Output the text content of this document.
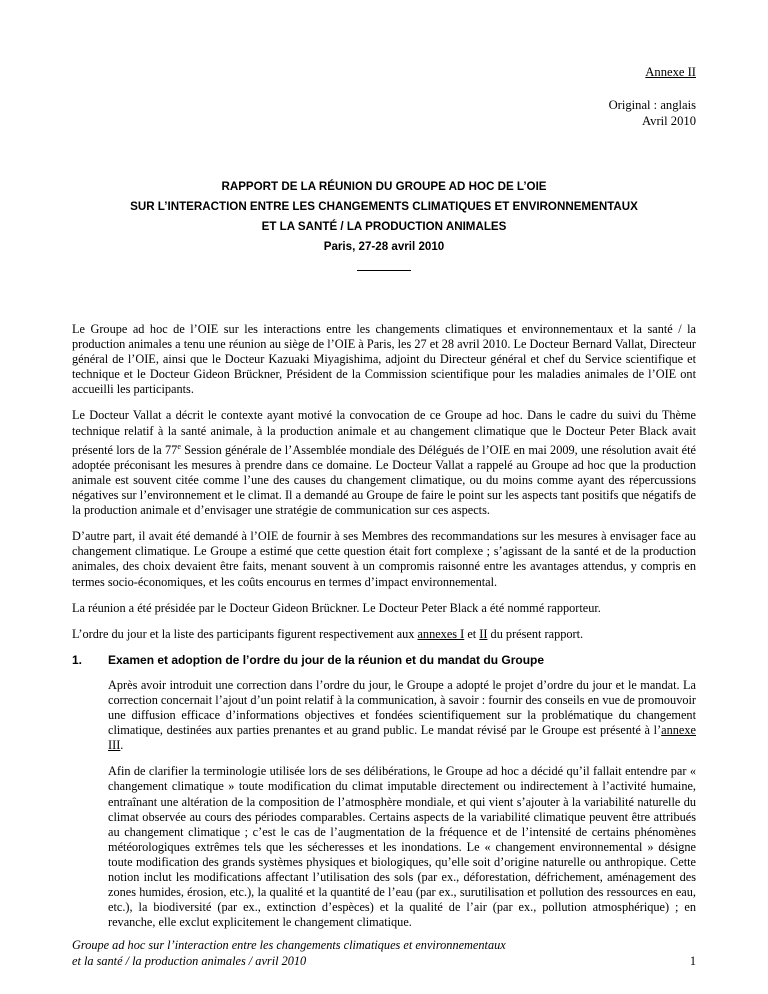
Annexe II
Original : anglais
Avril 2010
RAPPORT DE LA RÉUNION DU GROUPE AD HOC DE L’OIE
SUR L’INTERACTION ENTRE LES CHANGEMENTS CLIMATIQUES ET ENVIRONNEMENTAUX
ET LA SANTÉ / LA PRODUCTION ANIMALES
Paris, 27-28 avril 2010

Le Groupe ad hoc de l’OIE sur les interactions entre les changements climatiques et environnementaux et la santé / la production animales a tenu une réunion au siège de l’OIE à Paris, les 27 et 28 avril 2010. Le Docteur Bernard Vallat, Directeur général de l’OIE, ainsi que le Docteur Kazuaki Miyagishima, adjoint du Directeur général et chef du Service scientifique et technique et le Docteur Gideon Brückner, Président de la Commission scientifique pour les maladies animales de l’OIE ont accueilli les participants.

Le Docteur Vallat a décrit le contexte ayant motivé la convocation de ce Groupe ad hoc. Dans le cadre du suivi du Thème technique relatif à la santé animale, à la production animale et au changement climatique que le Docteur Peter Black avait présenté lors de la 77e Session générale de l’Assemblée mondiale des Délégués de l’OIE en mai 2009, une résolution avait été adoptée préconisant les mesures à prendre dans ce domaine. Le Docteur Vallat a rappelé au Groupe ad hoc que la production animale est souvent citée comme l’une des causes du changement climatique, ou du moins comme ayant des répercussions négatives sur l’environnement et le climat. Il a demandé au Groupe de faire le point sur les aspects tant positifs que négatifs de la production animale et d’envisager une stratégie de communication sur ces aspects.

D’autre part, il avait été demandé à l’OIE de fournir à ses Membres des recommandations sur les mesures à envisager face au changement climatique. Le Groupe a estimé que cette question était fort complexe ; s’agissant de la santé et de la production animales, des choix devaient être faits, menant souvent à un compromis raisonné entre les avantages attendus, y compris en termes socio-économiques, et les coûts encourus en termes d’impact environnemental.

La réunion a été présidée par le Docteur Gideon Brückner. Le Docteur Peter Black a été nommé rapporteur.

L’ordre du jour et la liste des participants figurent respectivement aux annexes I et II du présent rapport.

1.	Examen et adoption de l’ordre du jour de la réunion et du mandat du Groupe

Après avoir introduit une correction dans l’ordre du jour, le Groupe a adopté le projet d’ordre du jour et le mandat. La correction concernait l’ajout d’un point relatif à la communication, à savoir : fournir des conseils en vue de promouvoir une diffusion efficace d’informations objectives et fondées scientifiquement sur la problématique du changement climatique, destinées aux parties prenantes et au grand public. Le mandat révisé par le Groupe est présenté à l’annexe III.

Afin de clarifier la terminologie utilisée lors de ses délibérations, le Groupe ad hoc a décidé qu’il fallait entendre par « changement climatique » toute modification du climat imputable directement ou indirectement à l’activité humaine, entraînant une altération de la composition de l’atmosphère mondiale, et qui vient s’ajouter à la variabilité naturelle du climat observée au cours des périodes comparables. Certains aspects de la variabilité climatique peuvent être attribués au changement climatique ; c’est le cas de l’augmentation de la fréquence et de l’intensité de certains phénomènes météorologiques extrêmes tels que les sécheresses et les inondations. Le « changement environnemental » désigne toute modification des grands systèmes physiques et biologiques, qu’elle soit d’origine naturelle ou anthropique. Cette notion inclut les modifications affectant l’utilisation des sols (par ex., déforestation, défrichement, aménagement des zones humides, érosion, etc.), la qualité et la quantité de l’eau (par ex., surutilisation et pollution des ressources en eau, etc.), la biodiversité (par ex., extinction d’espèces) et la qualité de l’air (par ex., pollution atmosphérique) ; en revanche, elle exclut explicitement le changement climatique.

Groupe ad hoc sur l’interaction entre les changements climatiques et environnementaux
et la santé / la production animales / avril 2010	1
